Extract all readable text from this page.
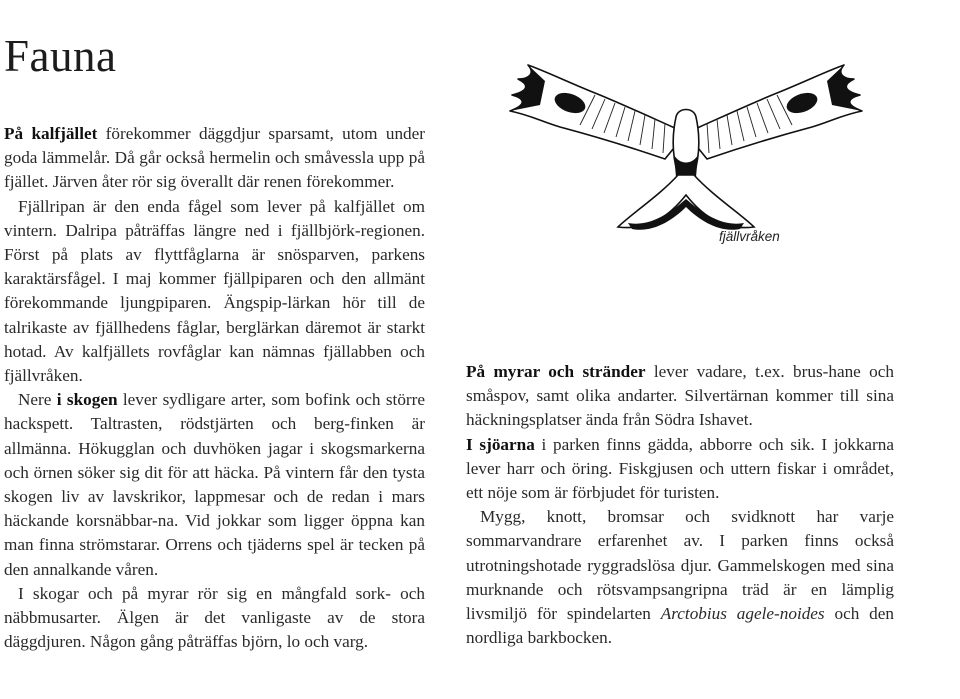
Fauna

På kalfjället förekommer däggdjur sparsamt, utom under goda lämmelår. Då går också hermelin och småvessla upp på fjället. Järven åter rör sig överallt där renen förekommer.

Fjällripan är den enda fågel som lever på kalfjället om vintern. Dalripa påträffas längre ned i fjällbjörk-regionen. Först på plats av flyttfåglarna är snösparven, parkens karaktärsfågel. I maj kommer fjällpiparen och den allmänt förekommande ljungpiparen. Ängspip-lärkan hör till de talrikaste av fjällhedens fåglar, berglärkan däremot är starkt hotad. Av kalfjällets rovfåglar kan nämnas fjällabben och fjällvråken.

Nere i skogen lever sydligare arter, som bofink och större hackspett. Taltrasten, rödstjärten och berg-finken är allmänna. Hökugglan och duvhöken jagar i skogsmarkerna och örnen söker sig dit för att häcka. På vintern får den tysta skogen liv av lavskrikor, lappmesar och de redan i mars häckande korsnäbbar-na. Vid jokkar som ligger öppna kan man finna strömstarar. Orrens och tjäderns spel är tecken på den annalkande våren.

I skogar och på myrar rör sig en mångfald sork- och näbbmusarter. Älgen är det vanligaste av de stora däggdjuren. Någon gång påträffas björn, lo och varg.

fjällvråken

På myrar och stränder lever vadare, t.ex. brus-hane och småspov, samt olika andarter. Silvertärnan kommer till sina häckningsplatser ända från Södra Ishavet.

I sjöarna i parken finns gädda, abborre och sik. I jokkarna lever harr och öring. Fiskgjusen och uttern fiskar i området, ett nöje som är förbjudet för turisten.

Mygg, knott, bromsar och svidknott har varje sommarvandrare erfarenhet av. I parken finns också utrotningshotade ryggradslösa djur. Gammelskogen med sina murknande och rötsvampsangripna träd är en lämplig livsmiljö för spindelarten Arctobius agele-noides och den nordliga barkbocken.
